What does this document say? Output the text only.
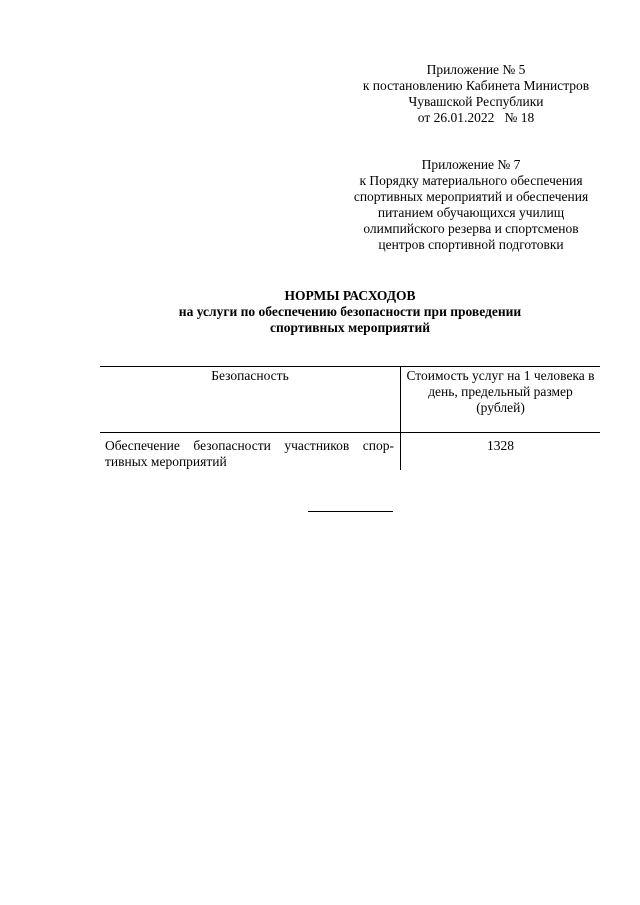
Приложение № 5
к постановлению Кабинета Министров
Чувашской Республики
от 26.01.2022   № 18
Приложение № 7
к Порядку материального обеспечения
спортивных мероприятий и обеспечения
питанием обучающихся училищ
олимпийского резерва и спортсменов
центров спортивной подготовки
НОРМЫ РАСХОДОВ
на услуги по обеспечению безопасности при проведении
спортивных мероприятий
Безопасность	Стоимость услуг на 1 человека в день, предельный размер (рублей)
Обеспечение безопасности участников спортивных мероприятий	1328
